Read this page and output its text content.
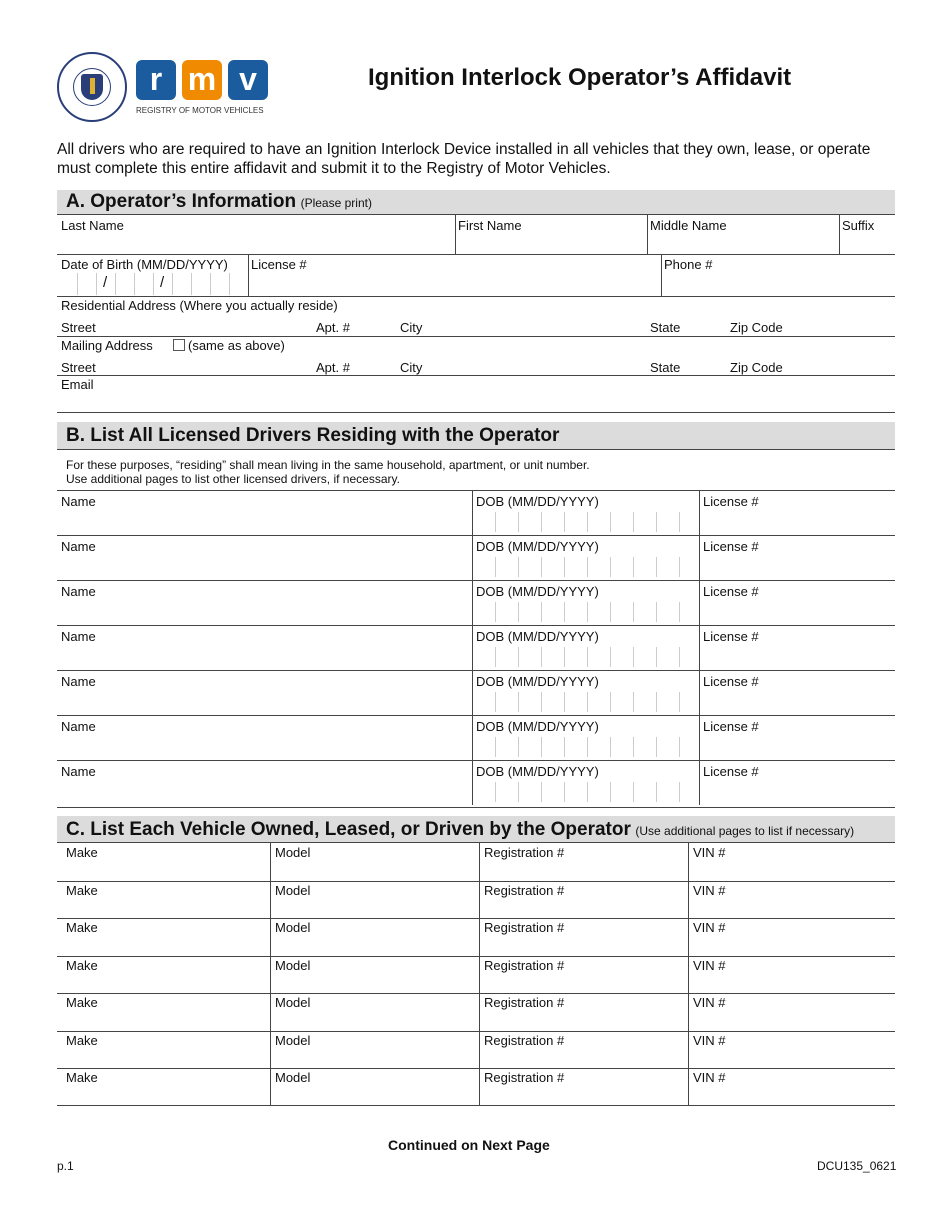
r m v
REGISTRY OF MOTOR VEHICLES
Ignition Interlock Operator’s Affidavit
All drivers who are required to have an Ignition Interlock Device installed in all vehicles that they own, lease, or operate must complete this entire affidavit and submit it to the Registry of Motor Vehicles.
A. Operator’s Information (Please print)
Last Name	First Name	Middle Name	Suffix
Date of Birth (MM/DD/YYYY)
/	/
License #	Phone #
Residential Address (Where you actually reside)
Street	Apt. #	City	State	Zip Code
Mailing Address	(same as above)
Street	Apt. #	City	State	Zip Code
Email
B. List All Licensed Drivers Residing with the Operator
For these purposes, “residing” shall mean living in the same household, apartment, or unit number.
Use additional pages to list other licensed drivers, if necessary.
Name	DOB (MM/DD/YYYY)	License #
Name	DOB (MM/DD/YYYY)	License #
Name	DOB (MM/DD/YYYY)	License #
Name	DOB (MM/DD/YYYY)	License #
Name	DOB (MM/DD/YYYY)	License #
Name	DOB (MM/DD/YYYY)	License #
Name	DOB (MM/DD/YYYY)	License #
C. List Each Vehicle Owned, Leased, or Driven by the Operator (Use additional pages to list if necessary)
Make	Model	Registration #	VIN #
Make	Model	Registration #	VIN #
Make	Model	Registration #	VIN #
Make	Model	Registration #	VIN #
Make	Model	Registration #	VIN #
Make	Model	Registration #	VIN #
Make	Model	Registration #	VIN #
Continued on Next Page
p.1	DCU135_0621
